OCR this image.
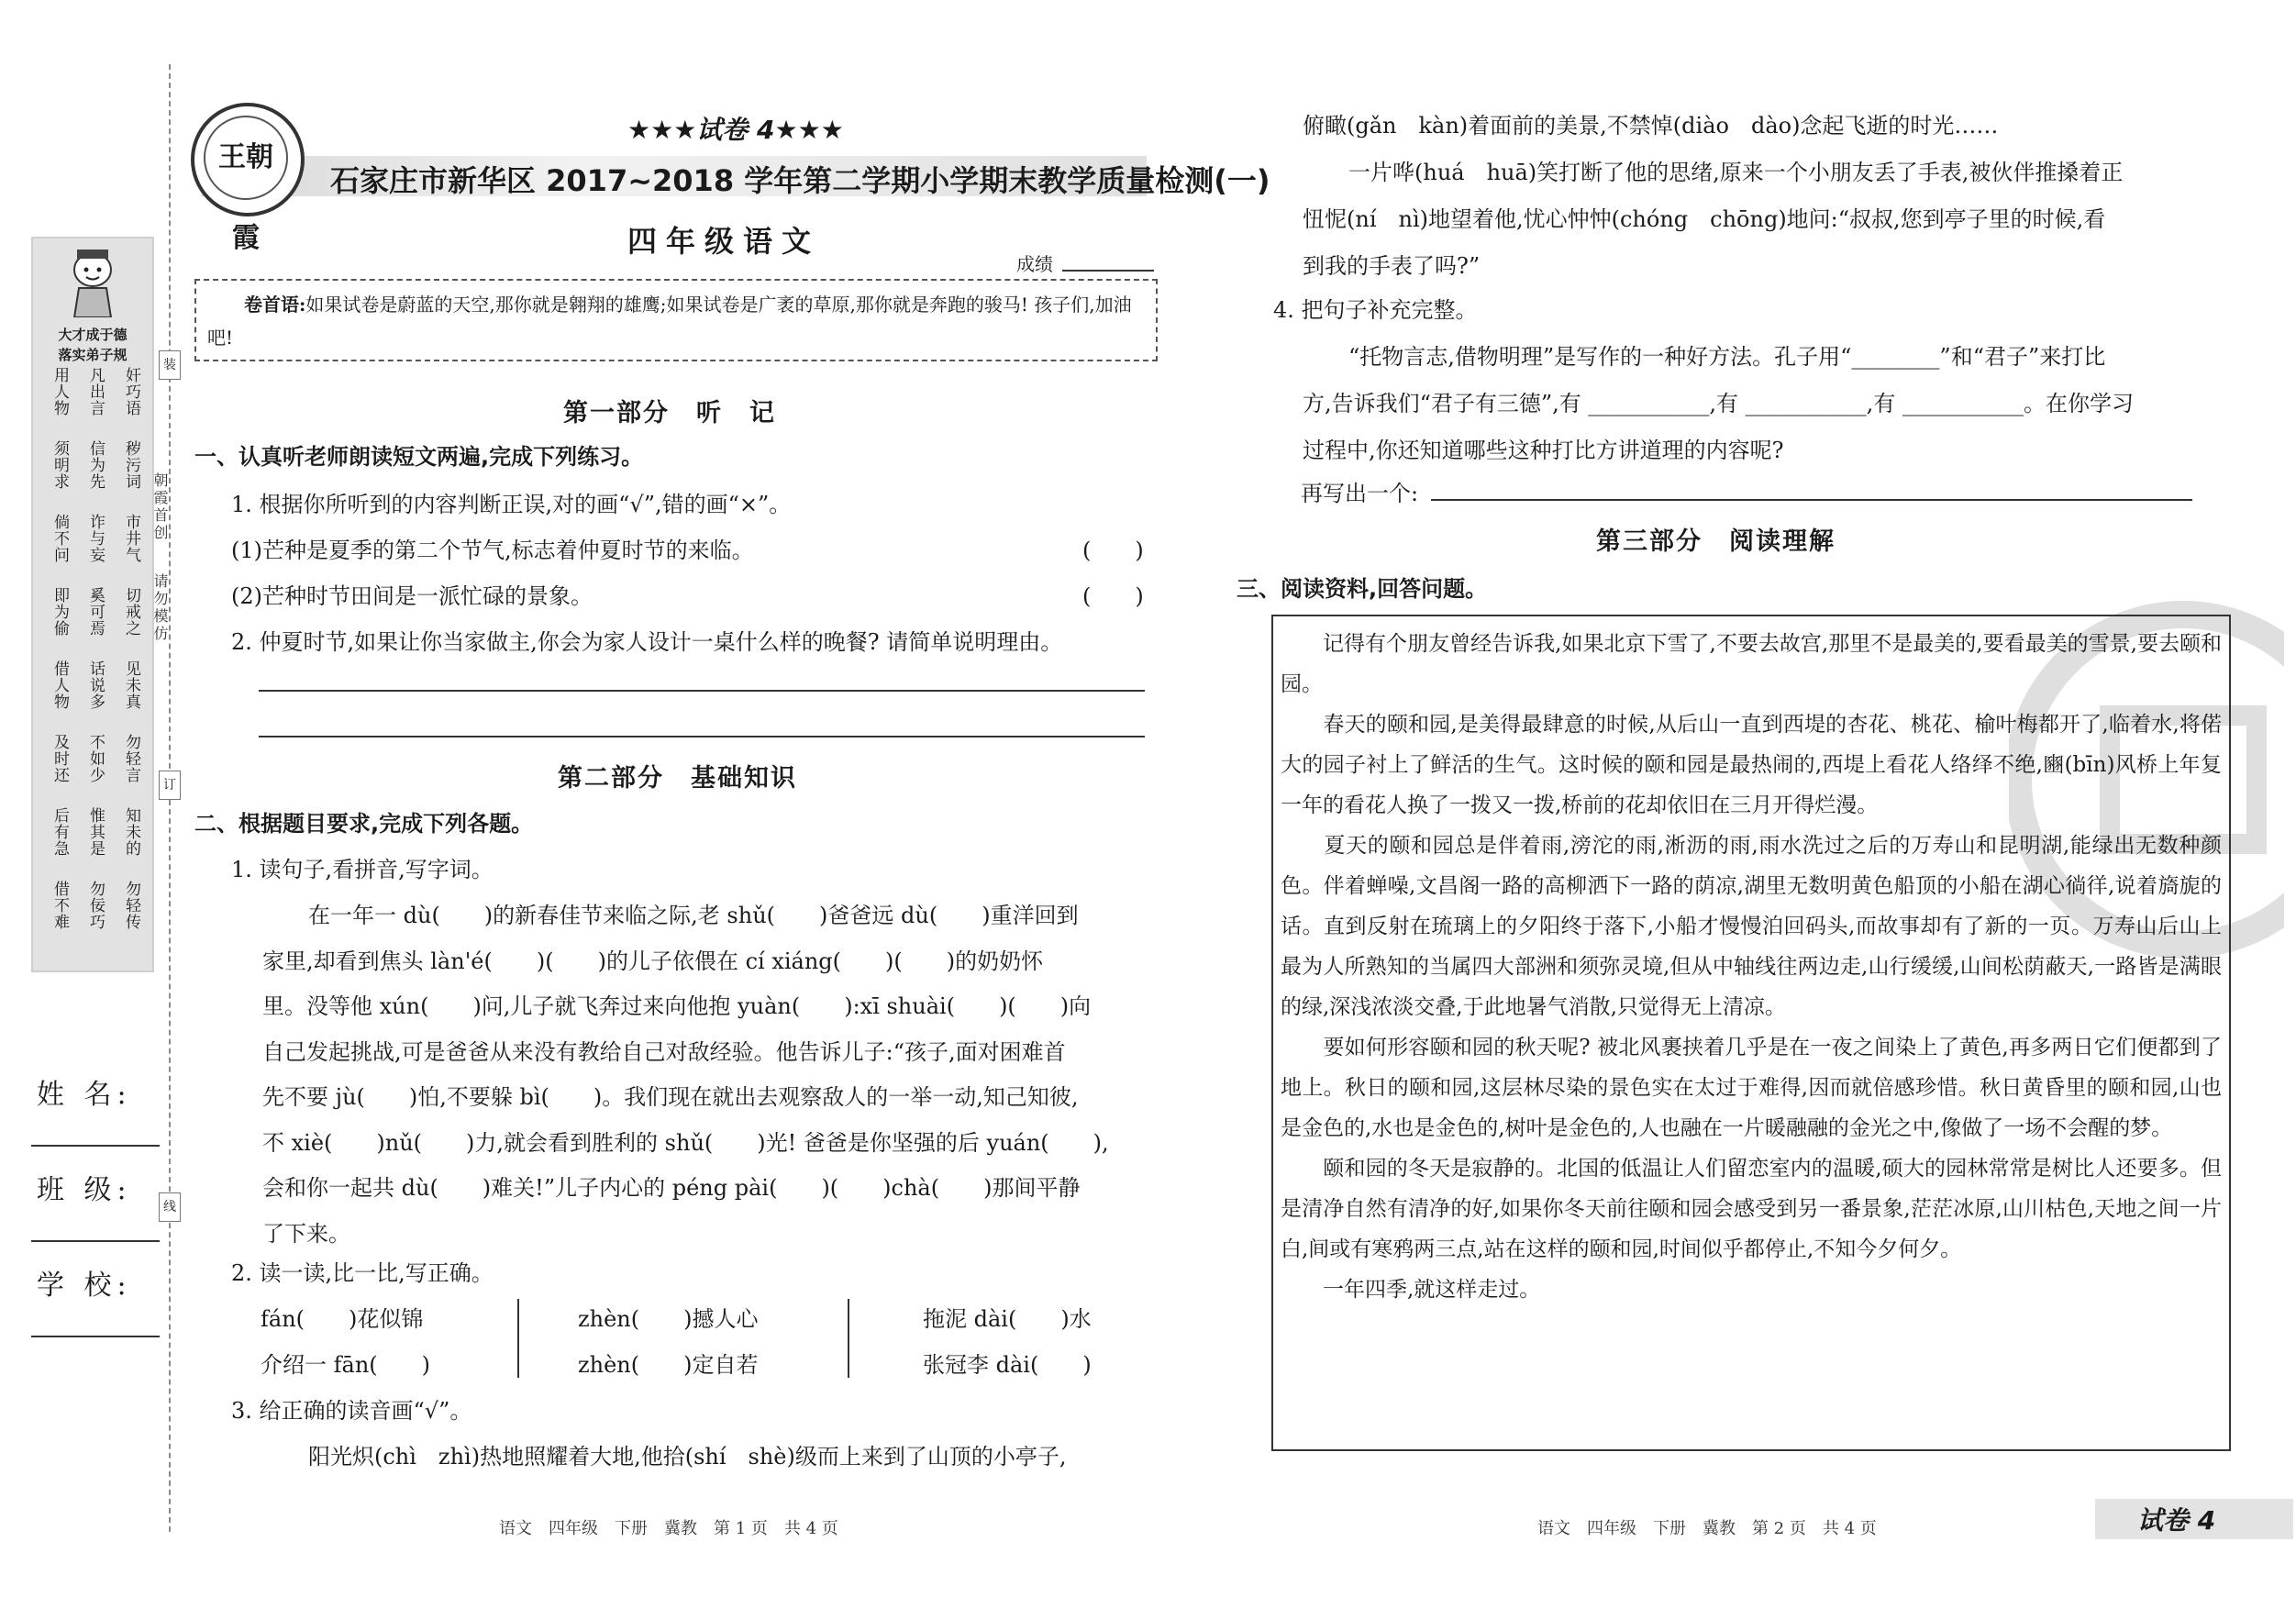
大才成于德
落实弟子规
用人物 凡出言 奸巧语
须明求 信为先 秽污词
倘不问 诈与妄 市井气
即为偷 奚可焉 切戒之
借人物 话说多 见未真
及时还 不如少 勿轻言
后有急 惟其是 知未的
借不难 勿佞巧 勿轻传
朝霞首创
请勿模仿
装
订
线
姓 名:
班 级:
学 校:
王朝霞
★★★试卷 4★★★
石家庄市新华区 2017~2018 学年第二学期小学期末教学质量检测(一)
四年级语文
成绩
卷首语:如果试卷是蔚蓝的天空,那你就是翱翔的雄鹰;如果试卷是广袤的草原,那你就是奔跑的骏马! 孩子们,加油吧!
第一部分　听　记
一、认真听老师朗读短文两遍,完成下列练习。
1. 根据你所听到的内容判断正误,对的画“√”,错的画“×”。
(1)芒种是夏季的第二个节气,标志着仲夏时节的来临。	(　　)
(2)芒种时节田间是一派忙碌的景象。	(　　)
2. 仲夏时节,如果让你当家做主,你会为家人设计一桌什么样的晚餐? 请简单说明理由。
第二部分　基础知识
二、根据题目要求,完成下列各题。
1. 读句子,看拼音,写字词。
在一年一 dù(　　)的新春佳节来临之际,老 shǔ(　　)爸爸远 dù(　　)重洋回到
家里,却看到焦头 làn'é(　　)(　　)的儿子依偎在 cí xiáng(　　)(　　)的奶奶怀
里。没等他 xún(　　)问,儿子就飞奔过来向他抱 yuàn(　　):xī shuài(　　)(　　)向
自己发起挑战,可是爸爸从来没有教给自己对敌经验。他告诉儿子:“孩子,面对困难首
先不要 jù(　　)怕,不要躲 bì(　　)。我们现在就出去观察敌人的一举一动,知己知彼,
不 xiè(　　)nǔ(　　)力,就会看到胜利的 shǔ(　　)光! 爸爸是你坚强的后 yuán(　　),
会和你一起共 dù(　　)难关!”儿子内心的 péng pài(　　)(　　)chà(　　)那间平静
了下来。
2. 读一读,比一比,写正确。
fán(　　)花似锦	zhèn(　　)撼人心	拖泥 dài(　　)水
介绍一 fān(　　)	zhèn(　　)定自若	张冠李 dài(　　)
3. 给正确的读音画“√”。
阳光炽(chì　zhì)热地照耀着大地,他拾(shí　shè)级而上来到了山顶的小亭子,
语文　四年级　下册　冀教　第 1 页　共 4 页
俯瞰(gǎn　kàn)着面前的美景,不禁悼(diào　dào)念起飞逝的时光……
一片哗(huá　huā)笑打断了他的思绪,原来一个小朋友丢了手表,被伙伴推搡着正
忸怩(ní　nì)地望着他,忧心忡忡(chóng　chōng)地问:“叔叔,您到亭子里的时候,看
到我的手表了吗?”
4. 把句子补充完整。
“托物言志,借物明理”是写作的一种好方法。孔子用“________”和“君子”来打比
方,告诉我们“君子有三德”,有 ___________,有 ___________,有 ___________。在你学习
过程中,你还知道哪些这种打比方讲道理的内容呢?
再写出一个:
第三部分　阅读理解
三、阅读资料,回答问题。
　　记得有个朋友曾经告诉我,如果北京下雪了,不要去故宫,那里不是最美的,要看最美的雪景,要去颐和园。
　　春天的颐和园,是美得最肆意的时候,从后山一直到西堤的杏花、桃花、榆叶梅都开了,临着水,将偌大的园子衬上了鲜活的生气。这时候的颐和园是最热闹的,西堤上看花人络绎不绝,豳(bīn)风桥上年复一年的看花人换了一拨又一拨,桥前的花却依旧在三月开得烂漫。
　　夏天的颐和园总是伴着雨,滂沱的雨,淅沥的雨,雨水洗过之后的万寿山和昆明湖,能绿出无数种颜色。伴着蝉噪,文昌阁一路的高柳洒下一路的荫凉,湖里无数明黄色船顶的小船在湖心徜徉,说着旖旎的话。直到反射在琉璃上的夕阳终于落下,小船才慢慢泊回码头,而故事却有了新的一页。万寿山后山上最为人所熟知的当属四大部洲和须弥灵境,但从中轴线往两边走,山行缓缓,山间松荫蔽天,一路皆是满眼的绿,深浅浓淡交叠,于此地暑气消散,只觉得无上清凉。
　　要如何形容颐和园的秋天呢? 被北风裹挟着几乎是在一夜之间染上了黄色,再多两日它们便都到了地上。秋日的颐和园,这层林尽染的景色实在太过于难得,因而就倍感珍惜。秋日黄昏里的颐和园,山也是金色的,水也是金色的,树叶是金色的,人也融在一片暖融融的金光之中,像做了一场不会醒的梦。
　　颐和园的冬天是寂静的。北国的低温让人们留恋室内的温暖,硕大的园林常常是树比人还要多。但是清净自然有清净的好,如果你冬天前往颐和园会感受到另一番景象,茫茫冰原,山川枯色,天地之间一片白,间或有寒鸦两三点,站在这样的颐和园,时间似乎都停止,不知今夕何夕。
　　一年四季,就这样走过。
语文　四年级　下册　冀教　第 2 页　共 4 页	试卷 4
